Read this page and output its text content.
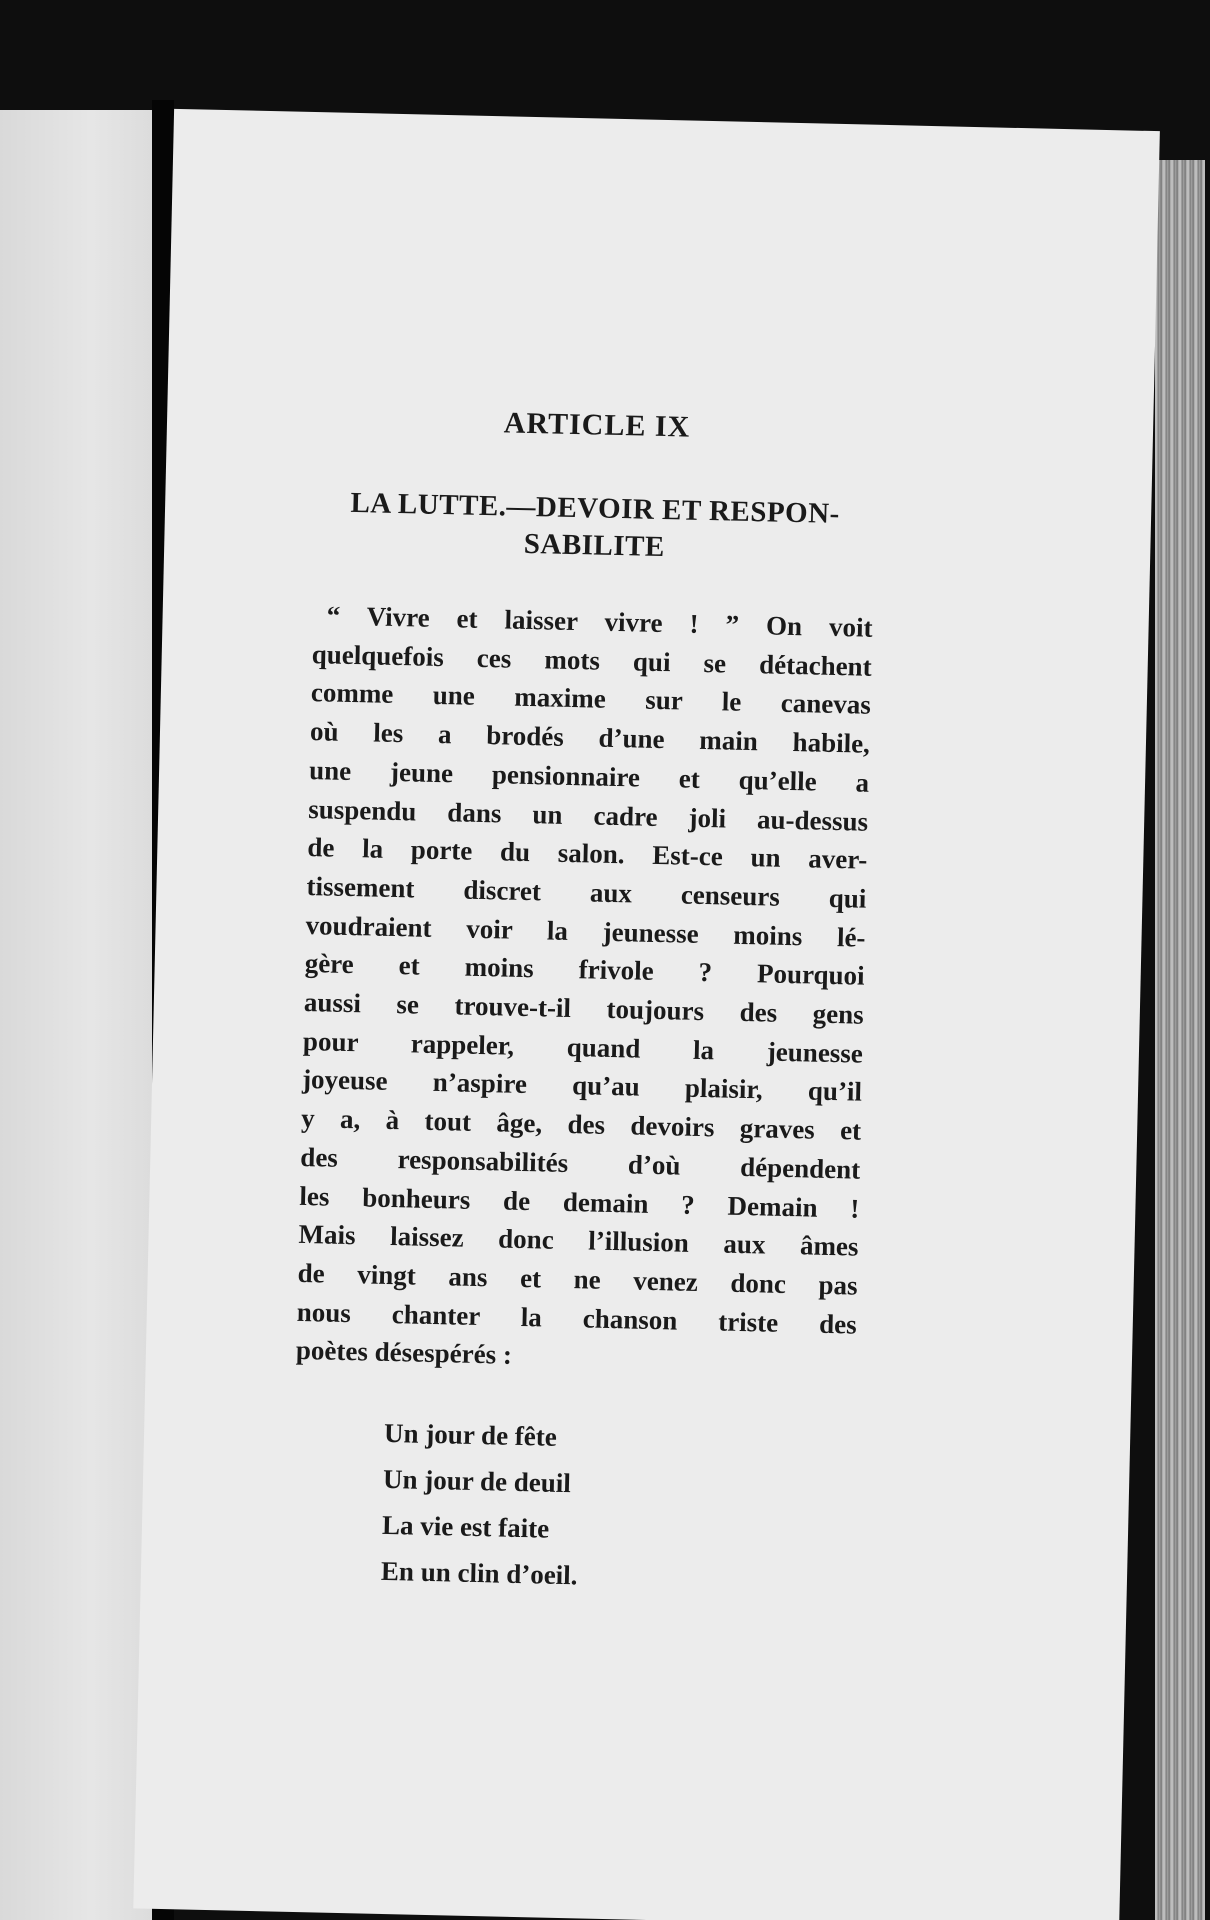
ARTICLE IX
LA LUTTE.—DEVOIR ET RESPON-
SABILITE
“ Vivre et laisser vivre ! ” On voit
quelquefois ces mots qui se détachent
comme une maxime sur le canevas
où les a brodés d’une main habile,
une jeune pensionnaire et qu’elle a
suspendu dans un cadre joli au-dessus
de la porte du salon. Est-ce un aver-
tissement discret aux censeurs qui
voudraient voir la jeunesse moins lé-
gère et moins frivole ? Pourquoi
aussi se trouve-t-il toujours des gens
pour rappeler, quand la jeunesse
joyeuse n’aspire qu’au plaisir, qu’il
y a, à tout âge, des devoirs graves et
des responsabilités d’où dépendent
les bonheurs de demain ? Demain !
Mais laissez donc l’illusion aux âmes
de vingt ans et ne venez donc pas
nous chanter la chanson triste des
poètes désespérés :
Un jour de fête
Un jour de deuil
La vie est faite
En un clin d’oeil.
